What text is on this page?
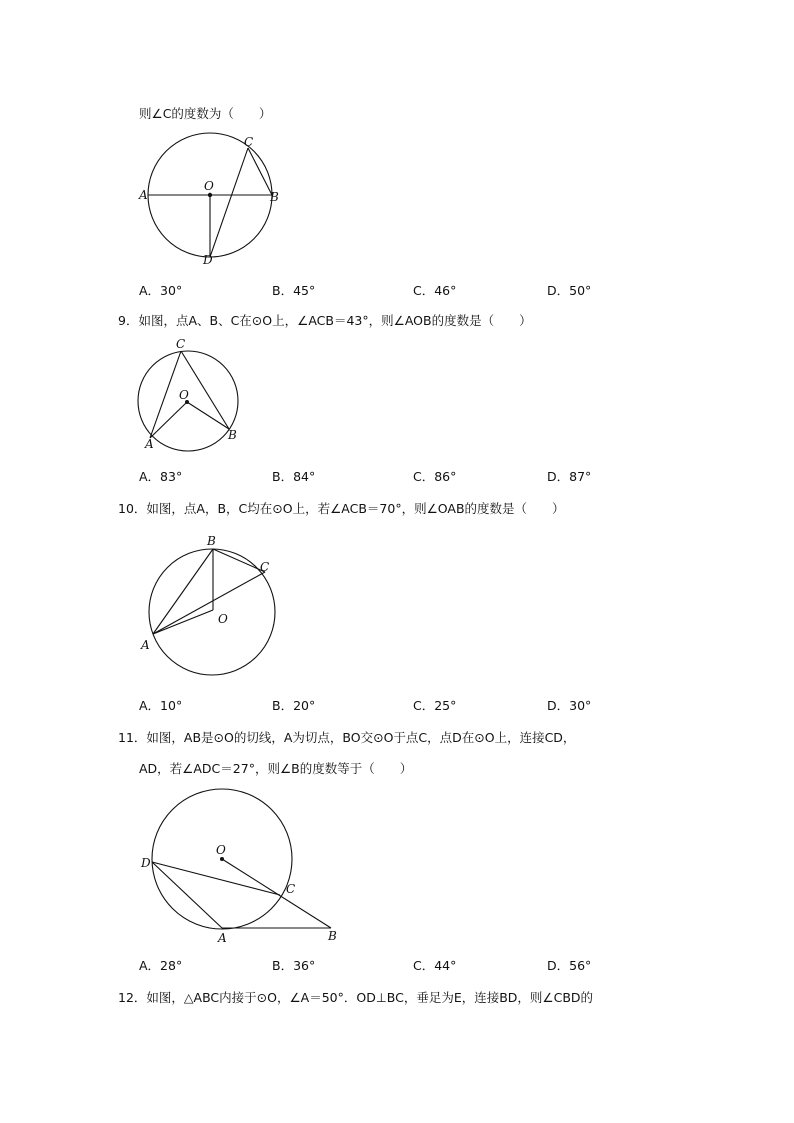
则∠C的度数为（　　）
A	B
C
D
O
A．30°	B．45°	C．46°	D．50°
9．如图，点A、B、C在⊙O上，∠ACB＝43°，则∠AOB的度数是（　　）
C
O
A
B
A．83°	B．84°	C．86°	D．87°
10．如图，点A，B，C均在⊙O上，若∠ACB＝70°，则∠OAB的度数是（　　）
B
C
O
A
A．10°	B．20°	C．25°	D．30°
11．如图，AB是⊙O的切线，A为切点，BO交⊙O于点C，点D在⊙O上，连接CD，
AD，若∠ADC＝27°，则∠B的度数等于（　　）
O
D
C
A	B
A．28°	B．36°	C．44°	D．56°
12．如图，△ABC内接于⊙O，∠A＝50°．OD⊥BC，垂足为E，连接BD，则∠CBD的
